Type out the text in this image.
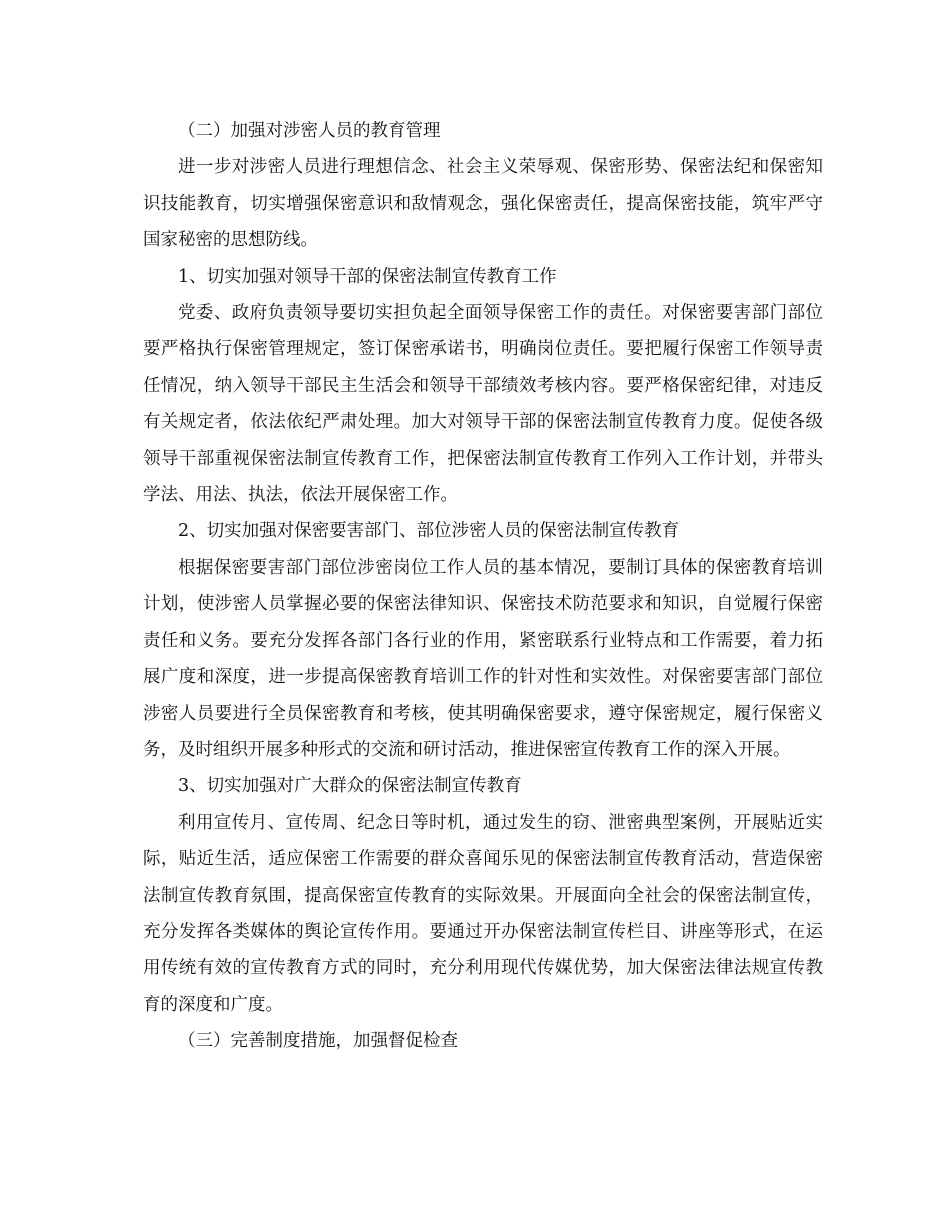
（二）加强对涉密人员的教育管理

进一步对涉密人员进行理想信念、社会主义荣辱观、保密形势、保密法纪和保密知识技能教育，切实增强保密意识和敌情观念，强化保密责任，提高保密技能，筑牢严守国家秘密的思想防线。

1、切实加强对领导干部的保密法制宣传教育工作

党委、政府负责领导要切实担负起全面领导保密工作的责任。对保密要害部门部位要严格执行保密管理规定，签订保密承诺书，明确岗位责任。要把履行保密工作领导责任情况，纳入领导干部民主生活会和领导干部绩效考核内容。要严格保密纪律，对违反有关规定者，依法依纪严肃处理。加大对领导干部的保密法制宣传教育力度。促使各级领导干部重视保密法制宣传教育工作，把保密法制宣传教育工作列入工作计划，并带头学法、用法、执法，依法开展保密工作。

2、切实加强对保密要害部门、部位涉密人员的保密法制宣传教育

根据保密要害部门部位涉密岗位工作人员的基本情况，要制订具体的保密教育培训计划，使涉密人员掌握必要的保密法律知识、保密技术防范要求和知识，自觉履行保密责任和义务。要充分发挥各部门各行业的作用，紧密联系行业特点和工作需要，着力拓展广度和深度，进一步提高保密教育培训工作的针对性和实效性。对保密要害部门部位涉密人员要进行全员保密教育和考核，使其明确保密要求，遵守保密规定，履行保密义务，及时组织开展多种形式的交流和研讨活动，推进保密宣传教育工作的深入开展。

3、切实加强对广大群众的保密法制宣传教育

利用宣传月、宣传周、纪念日等时机，通过发生的窃、泄密典型案例，开展贴近实际，贴近生活，适应保密工作需要的群众喜闻乐见的保密法制宣传教育活动，营造保密法制宣传教育氛围，提高保密宣传教育的实际效果。开展面向全社会的保密法制宣传，充分发挥各类媒体的舆论宣传作用。要通过开办保密法制宣传栏目、讲座等形式，在运用传统有效的宣传教育方式的同时，充分利用现代传媒优势，加大保密法律法规宣传教育的深度和广度。

（三）完善制度措施，加强督促检查
